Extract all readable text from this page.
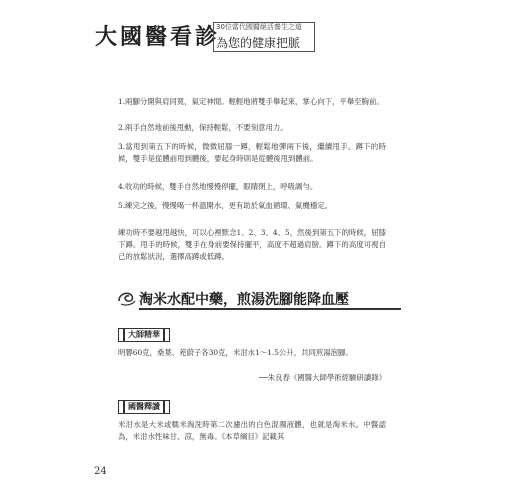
大國醫看診
30位當代國醫絕活養生之道
為您的健康把脈
1.兩腳分開與肩同寬，氣定神閒。輕輕地將雙手舉起來，掌心向下，平舉至胸前。
2.兩手自然地前後甩動，保持輕鬆，不要刻意用力。
3.當甩到第五下的時候，微微屈膝一蹲，輕鬆地彈兩下後，繼續甩手。蹲下的時候，雙手是從體前甩到體後，要起身時則是從體後甩到體前。
4.收功的時候，雙手自然地慢慢停擺，眼睛閉上，呼吸調勻。
5.練完之後，慢慢喝一杯溫開水，更有助於氣血循環、氣機穩定。
練功時不要越甩越快，可以心裡默念1、2、3、4、5，然後到第五下的時候，屈膝下蹲。甩手的時候，雙手在身前要保持擺平，高度不超過肩膀。蹲下的高度可視自己的放鬆狀況，選擇高蹲或低蹲。
淘米水配中藥，煎湯洗腳能降血壓
大師精華
明礬60克，桑葉、茺蔚子各30克，米泔水1～1.5公升，共同煎湯泡腳。
──朱良春《國醫大師學術經驗研讀錄》
國醫釋讀
米泔水是大米或糯米淘洗時第二次濾出的白色混濁液體，也就是淘米水。中醫認為，米泔水性味甘、涼，無毒。《本草綱目》記載其
24
